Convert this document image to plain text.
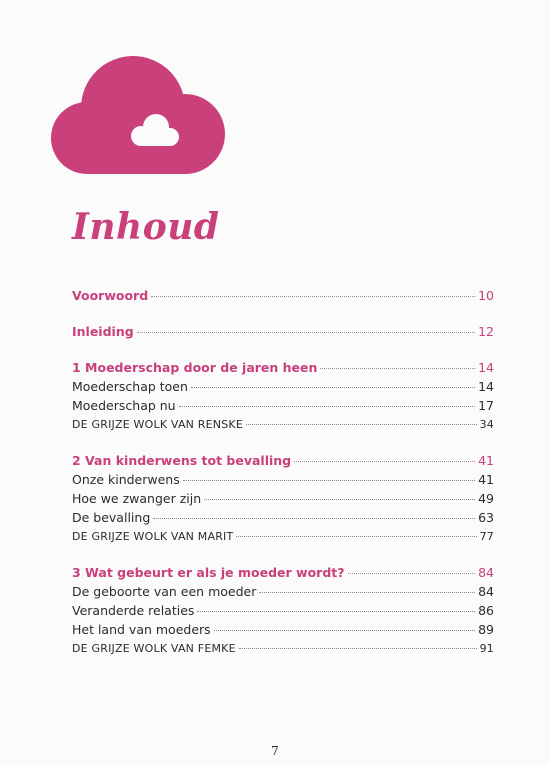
Inhoud
Voorwoord	10
Inleiding	12
1 Moederschap door de jaren heen	14
Moederschap toen	14
Moederschap nu	17
DE GRIJZE WOLK VAN RENSKE	34
2 Van kinderwens tot bevalling	41
Onze kinderwens	41
Hoe we zwanger zijn	49
De bevalling	63
DE GRIJZE WOLK VAN MARIT	77
3 Wat gebeurt er als je moeder wordt?	84
De geboorte van een moeder	84
Veranderde relaties	86
Het land van moeders	89
DE GRIJZE WOLK VAN FEMKE	91
7
